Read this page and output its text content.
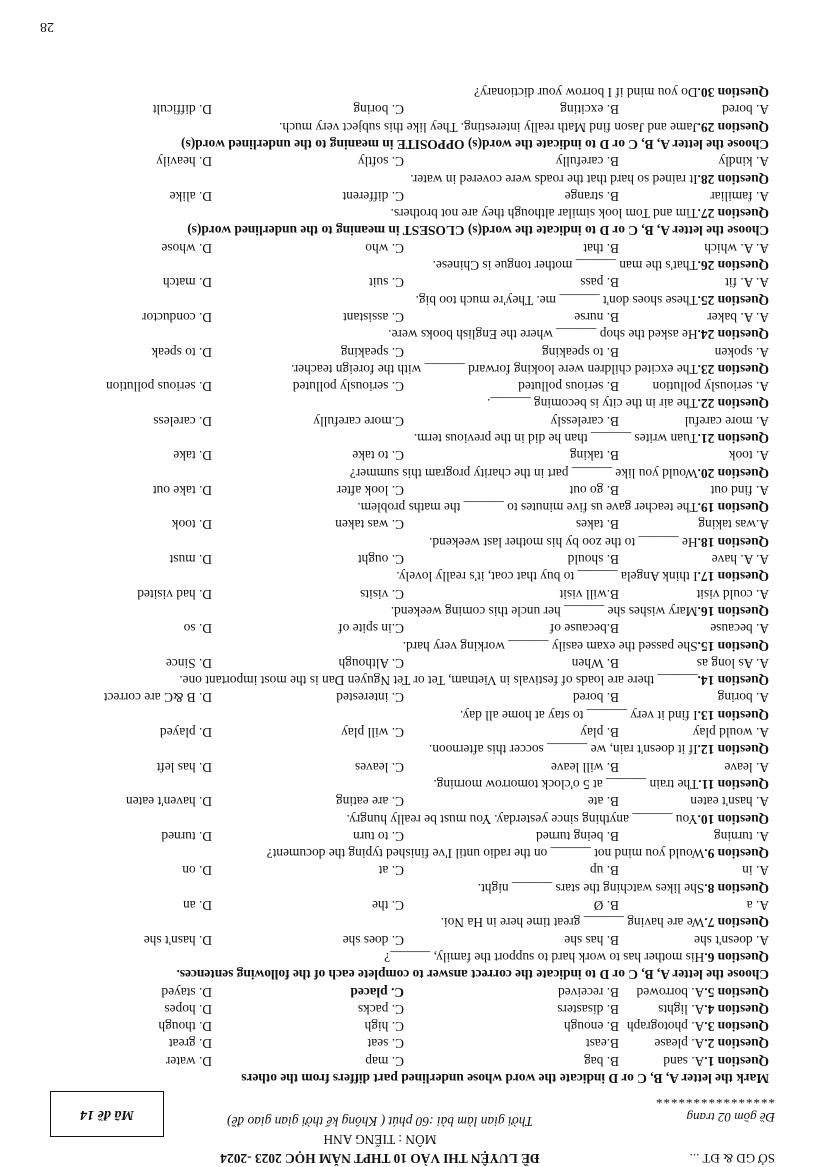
SỞ GD & ĐT ...
Đề gồm 02 trang
****************
ĐỀ LUYỆN THI VÀO 10 THPT NĂM HỌC 2023 -2024
MÔN : TIẾNG ANH
Thời gian làm bài :60 phút ( Không kể thời gian giao đề)
Mã đề 14
Mark the letter A, B, C or D indicate the word whose underlined part differs from the others
Question 1.A. sand
B. bag
C. map
D. water
Question 2.A. please
B.east
C. seat
D. great
Question 3.A. photograph
B. enough
C. high
D. though
Question 4.A. lights
B. disasters
C. packs
D. hopes
Question 5.A. borrowed
B. received
C. placed
D. stayed
Choose the letter A, B, C or D to indicate the correct answer to complete each of the following sentences.
Question 6.His mother has to work hard to support the family, ______?
A. doesn't she
B. has she
C. does she
D. hasn't she
Question 7.We are having ______ great time here in Ha Noi.
A. a
B. Ø
C. the
D. an
Question 8.She likes watching the stars ______ night.
A. in
B. up
C. at
D. on
Question 9.Would you mind not ______ on the radio until I've finished typing the document?
A. turning
B. being turned
C. to turn
D. turned
Question 10.You ______ anything since yesterday. You must be really hungry.
A. hasn't eaten
B. ate
C. are eating
D. haven't eaten
Question 11.The train ______ at 5 o'clock tomorrow morning.
A. leave
B. will leave
C. leaves
D. has left
Question 12.If it doesn't rain, we ______ soccer this afternoon.
A. would play
B. play
C. will play
D. played
Question 13.I find it very ______ to stay at home all day.
A. boring
B. bored
C. interested
D. B &C are correct
Question 14.______ there are loads of festivals in Vietnam, Tet or Tet Nguyen Dan is the most important one.
A. As long as
B. When
C. Although
D. Since
Question 15.She passed the exam easily ______ working very hard.
A. because
B.because of
C.in spite of
D. so
Question 16.Mary wishes she ______ her uncle this coming weekend.
A. could visit
B.will visit
C. visits
D. had visited
Question 17.I think Angela ______ to buy that coat, it's really lovely.
A. A. have
B. should
C. ought
D. must
Question 18.He ______ to the zoo by his mother last weekend.
A.was taking
B. takes
C. was taken
D. took
Question 19.The teacher gave us five minutes to ______ the maths problem.
A. find out
B. go out
C. look after
D. take out
Question 20.Would you like ______ part in the charity program this summer?
A. took
B. taking
C. to take
D. take
Question 21.Tuan writes ______ than he did in the previous term.
A. more careful
B. carelessly
C.more carefully
D. careless
Question 22.The air in the city is becoming ______.
A. seriously pollution
B. serious polluted
C. seriously polluted
D. serious pollution
Question 23.The excited children were looking forward ______ with the foreign teacher.
A. spoken
B. to speaking
C. speaking
D. to speak
Question 24.He asked the shop ______ where the English books were.
A. A. baker
B. nurse
C. assistant
D. conductor
Question 25.These shoes don't ______ me. They're much too big.
A. A. fit
B. pass
C. suit
D. match
Question 26.That's the man ______ mother tongue is Chinese.
A. A. which
B. that
C. who
D. whose
Choose the letter A, B, C or D to indicate the word(s) CLOSEST in meaning to the underlined word(s)
Question 27.Tim and Tom look similar although they are not brothers.
A. familiar
B. strange
C. different
D. alike
Question 28.It rained so hard that the roads were covered in water.
A. kindly
B. carefully
C. softly
D. heavily
Choose the letter A, B, C or D to indicate the word(s) OPPOSITE in meaning to the underlined word(s)
Question 29.Jame and Jason find Math really interesting. They like this subject very much.
A. bored
B. exciting
C. boring
D. difficult
Question 30.Do you mind if I borrow your dictionary?
28
